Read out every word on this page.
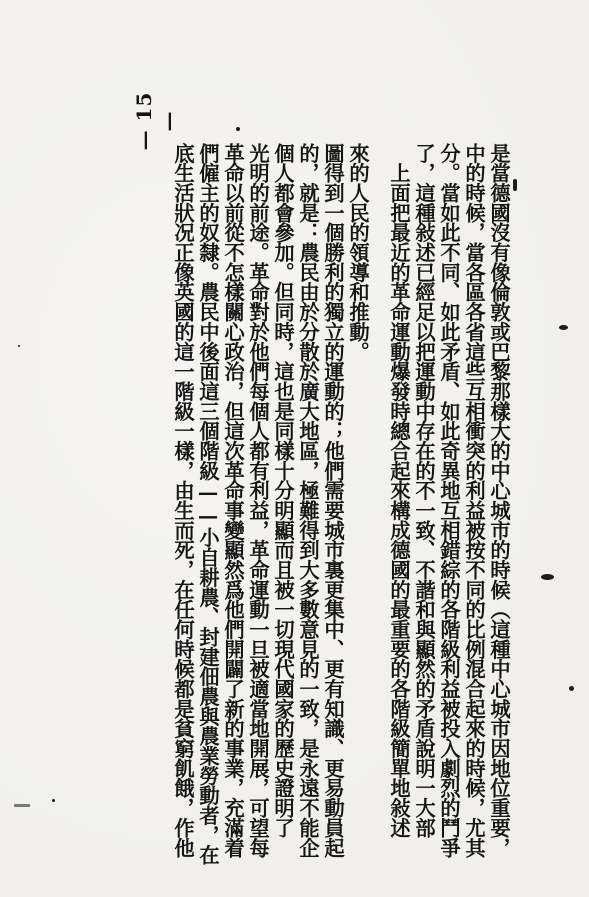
— 15 —
底生活狀况正像英國的這一階級一樣，由生而死，在任何時候都是貧窮飢餓，作他 們僱主的奴隸。農民中後面這三個階級——小自耕農、封建佃農與農業勞動者，在 革命以前從不怎樣關心政治，但這次革命事變顯然爲他們開闢了新的事業，充滿着 光明的前途。革命對於他們每個人都有利益，革命運動一旦被適當地開展，可望每 個人都會參加。但同時，這也是同樣十分明顯而且被一切現代國家的歷史證明了 的，就是：農民由於分散於廣大地區，極難得到大多數意見的一致，是永遠不能企 圖得到一個勝利的獨立的運動的；他們需要城市裏更集中、更有知識、更易動員起 來的人民的領導和推動。 　上面把最近的革命運動爆發時總合起來構成德國的最重要的各階級簡單地敍述 了，這種敍述已經足以把運動中存在的不一致、不諧和與顯然的矛盾說明一大部 分。當如此不同、如此矛盾、如此奇異地互相錯綜的各階級利益被投入劇烈的鬥爭 中的時候，當各區各省這些互相衝突的利益被按不同的比例混合起來的時候，尤其 是當德國沒有像倫敦或巴黎那樣大的中心城市的時候（這種中心城市因地位重要，
